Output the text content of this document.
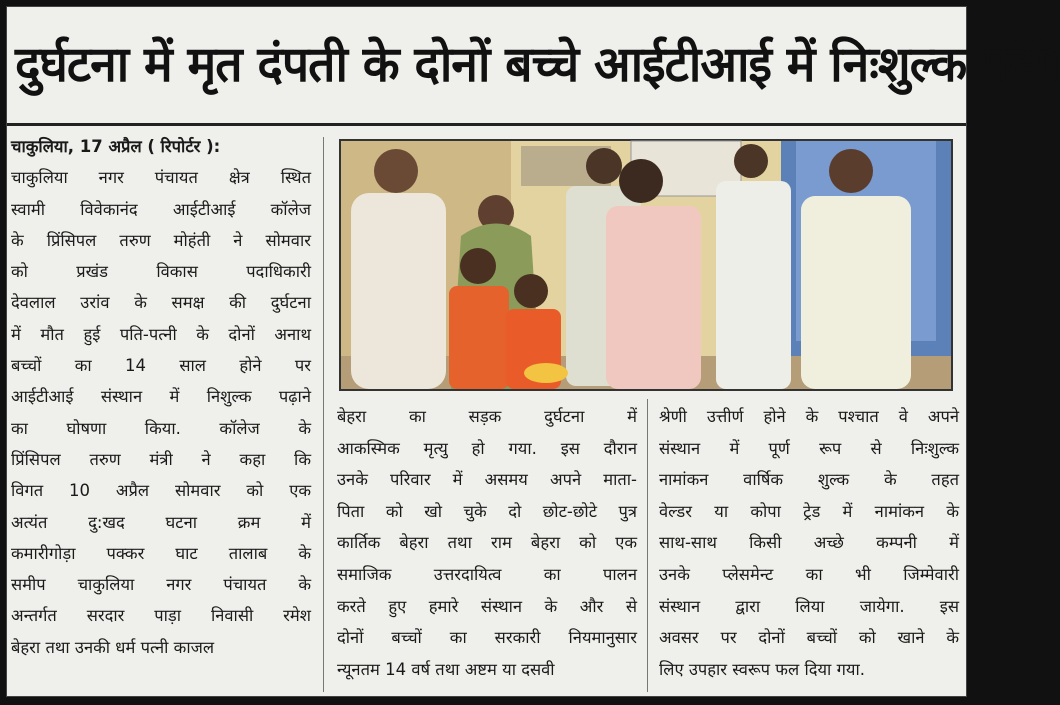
दुर्घटना में मृत दंपती के दोनों बच्चे आईटीआई में निःशुल्क पढ़ेंगे
चाकुलिया, 17 अप्रैल ( रिपोर्टर ):
चाकुलिया नगर पंचायत क्षेत्र स्थित
स्वामी विवेकानंद आईटीआई कॉलेज
के प्रिंसिपल तरुण मोहंती ने सोमवार
को प्रखंड विकास पदाधिकारी
देवलाल उरांव के समक्ष की दुर्घटना
में मौत हुई पति-पत्नी के दोनों अनाथ
बच्चों का 14 साल होने पर
आईटीआई संस्थान में निशुल्क पढ़ाने
का घोषणा किया. कॉलेज के
प्रिंसिपल तरुण मंत्री ने कहा कि
विगत 10 अप्रैल सोमवार को एक
अत्यंत दु:खद घटना क्रम में
कमारीगोड़ा पक्कर घाट तालाब के
समीप चाकुलिया नगर पंचायत के
अन्तर्गत सरदार पाड़ा निवासी रमेश
बेहरा तथा उनकी धर्म पत्नी काजल
बेहरा का सड़क दुर्घटना में
आकस्मिक मृत्यु हो गया. इस दौरान
उनके परिवार में असमय अपने माता-
पिता को खो चुके दो छोट-छोटे पुत्र
कार्तिक बेहरा तथा राम बेहरा को एक
समाजिक उत्तरदायित्व का पालन
करते हुए हमारे संस्थान के और से
दोनों बच्चों का सरकारी नियमानुसार
न्यूनतम 14 वर्ष तथा अष्टम या दसवी
श्रेणी उत्तीर्ण होने के पश्चात वे अपने
संस्थान में पूर्ण रूप से निःशुल्क
नामांकन वार्षिक शुल्क के तहत
वेल्डर या कोपा ट्रेड में नामांकन के
साथ-साथ किसी अच्छे कम्पनी में
उनके प्लेसमेन्ट का भी जिम्मेवारी
संस्थान द्वारा लिया जायेगा. इस
अवसर पर दोनों बच्चों को खाने के
लिए उपहार स्वरूप फल दिया गया.
